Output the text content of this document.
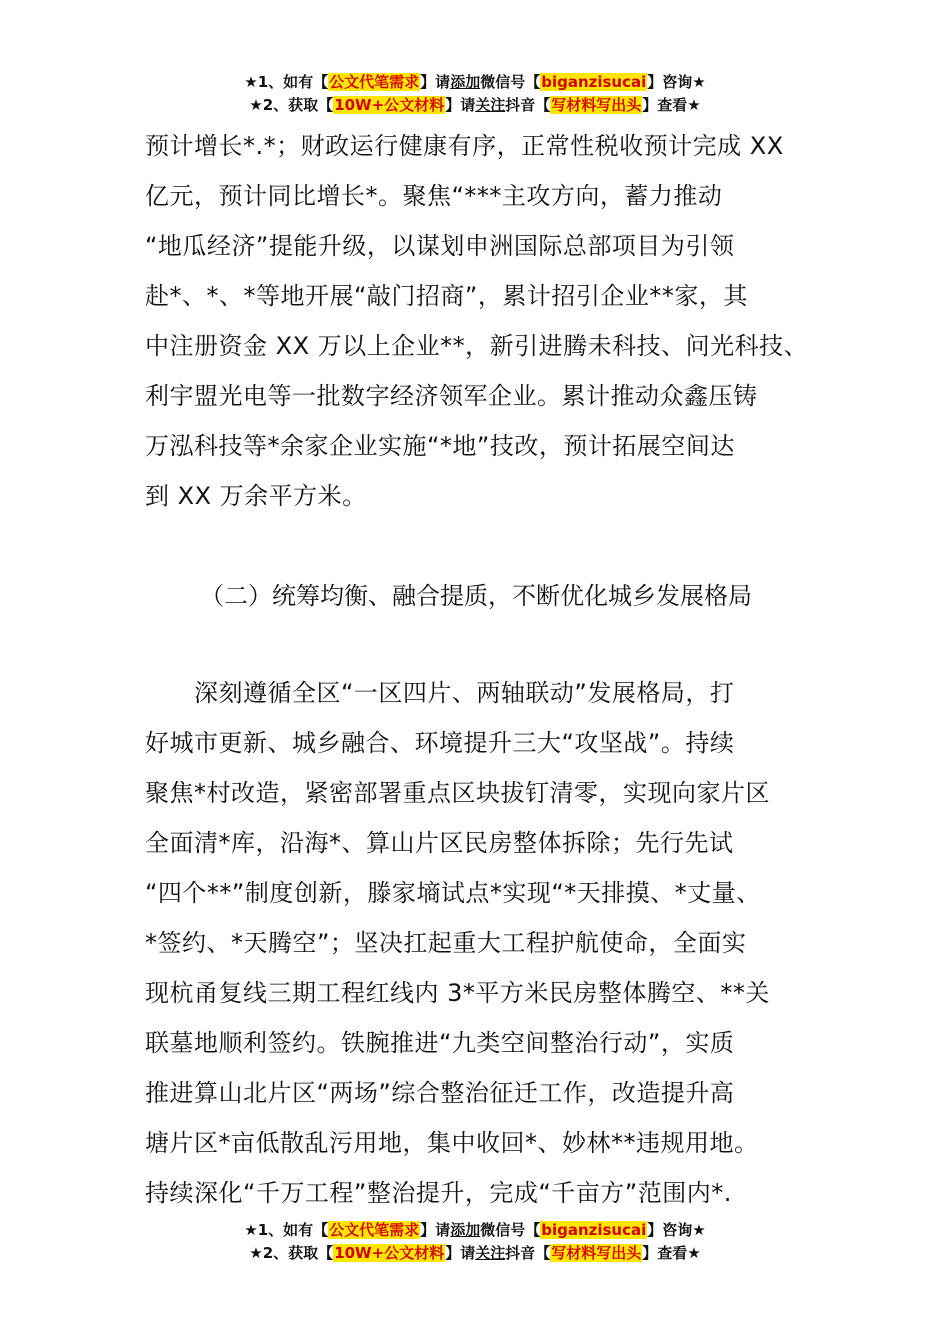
★1、如有【公文代笔需求】请添加微信号【biganzisucai】咨询★
★2、获取【10W+公文材料】请关注抖音【写材料写出头】查看★
预计增长*.*；财政运行健康有序，正常性税收预计完成 XX
亿元，预计同比增长*。聚焦“***主攻方向，蓄力推动
“地瓜经济”提能升级，以谋划申洲国际总部项目为引领
赴*、*、*等地开展“敲门招商”，累计招引企业**家，其
中注册资金 XX 万以上企业**，新引进腾未科技、问光科技、
利宇盟光电等一批数字经济领军企业。累计推动众鑫压铸
万泓科技等*余家企业实施“*地”技改，预计拓展空间达
到 XX 万余平方米。
（二）统筹均衡、融合提质，不断优化城乡发展格局
　　深刻遵循全区“一区四片、两轴联动”发展格局，打
好城市更新、城乡融合、环境提升三大“攻坚战”。持续
聚焦*村改造，紧密部署重点区块拔钉清零，实现向家片区
全面清*库，沿海*、算山片区民房整体拆除；先行先试
“四个**”制度创新，滕家墒试点*实现“*天排摸、*丈量、
*签约、*天腾空”；坚决扛起重大工程护航使命，全面实
现杭甬复线三期工程红线内 3*平方米民房整体腾空、**关
联墓地顺利签约。铁腕推进“九类空间整治行动”，实质
推进算山北片区“两场”综合整治征迁工作，改造提升高
塘片区*亩低散乱污用地，集中收回*、妙林**违规用地。
持续深化“千万工程”整治提升，完成“千亩方”范围内*.
★1、如有【公文代笔需求】请添加微信号【biganzisucai】咨询★
★2、获取【10W+公文材料】请关注抖音【写材料写出头】查看★
